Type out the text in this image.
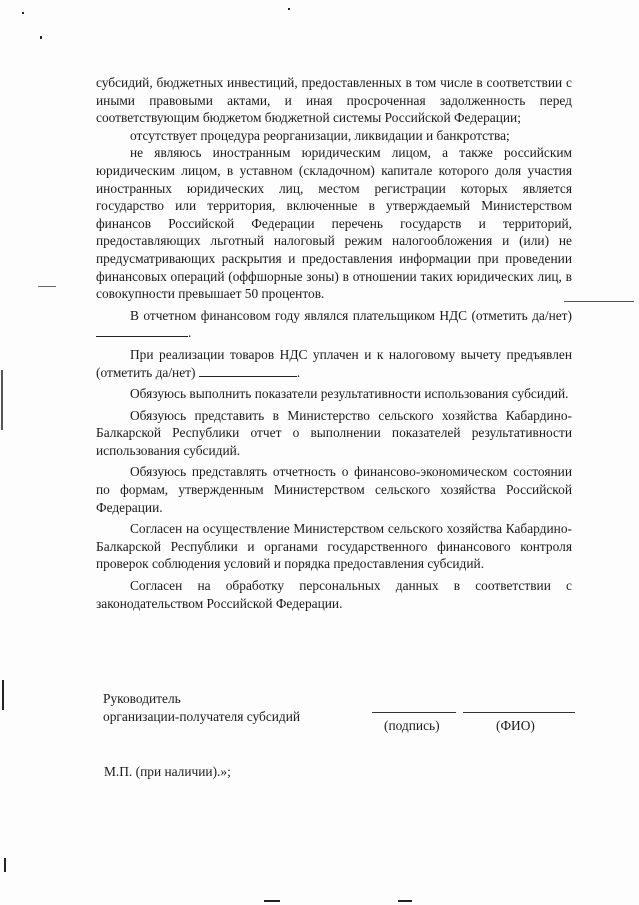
субсидий, бюджетных инвестиций, предоставленных в том числе в соответствии с иными правовыми актами, и иная просроченная задолженность перед соответствующим бюджетом бюджетной системы Российской Федерации;

отсутствует процедура реорганизации, ликвидации и банкротства;

не являюсь иностранным юридическим лицом, а также российским юридическим лицом, в уставном (складочном) капитале которого доля участия иностранных юридических лиц, местом регистрации которых является государство или территория, включенные в утверждаемый Министерством финансов Российской Федерации перечень государств и территорий, предоставляющих льготный налоговый режим налогообложения и (или) не предусматривающих раскрытия и предоставления информации при проведении финансовых операций (оффшорные зоны) в отношении таких юридических лиц, в совокупности превышает 50 процентов.

В отчетном финансовом году являлся плательщиком НДС (отметить да/нет) .

При реализации товаров НДС уплачен и к налоговому вычету предъявлен (отметить да/нет)	.

Обязуюсь выполнить показатели результативности использования субсидий.

Обязуюсь представить в Министерство сельского хозяйства Кабардино-Балкарской Республики отчет о выполнении показателей результативности использования субсидий.

Обязуюсь представлять отчетность о финансово-экономическом состоянии по формам, утвержденным Министерством сельского хозяйства Российской Федерации.

Согласен на осуществление Министерством сельского хозяйства Кабардино-Балкарской Республики и органами государственного финансового контроля проверок соблюдения условий и порядка предоставления субсидий.

Согласен на обработку персональных данных в соответствии с законодательством Российской Федерации.

Руководитель
организации-получателя субсидий
(подпись)	(ФИО)
М.П. (при наличии).»;
